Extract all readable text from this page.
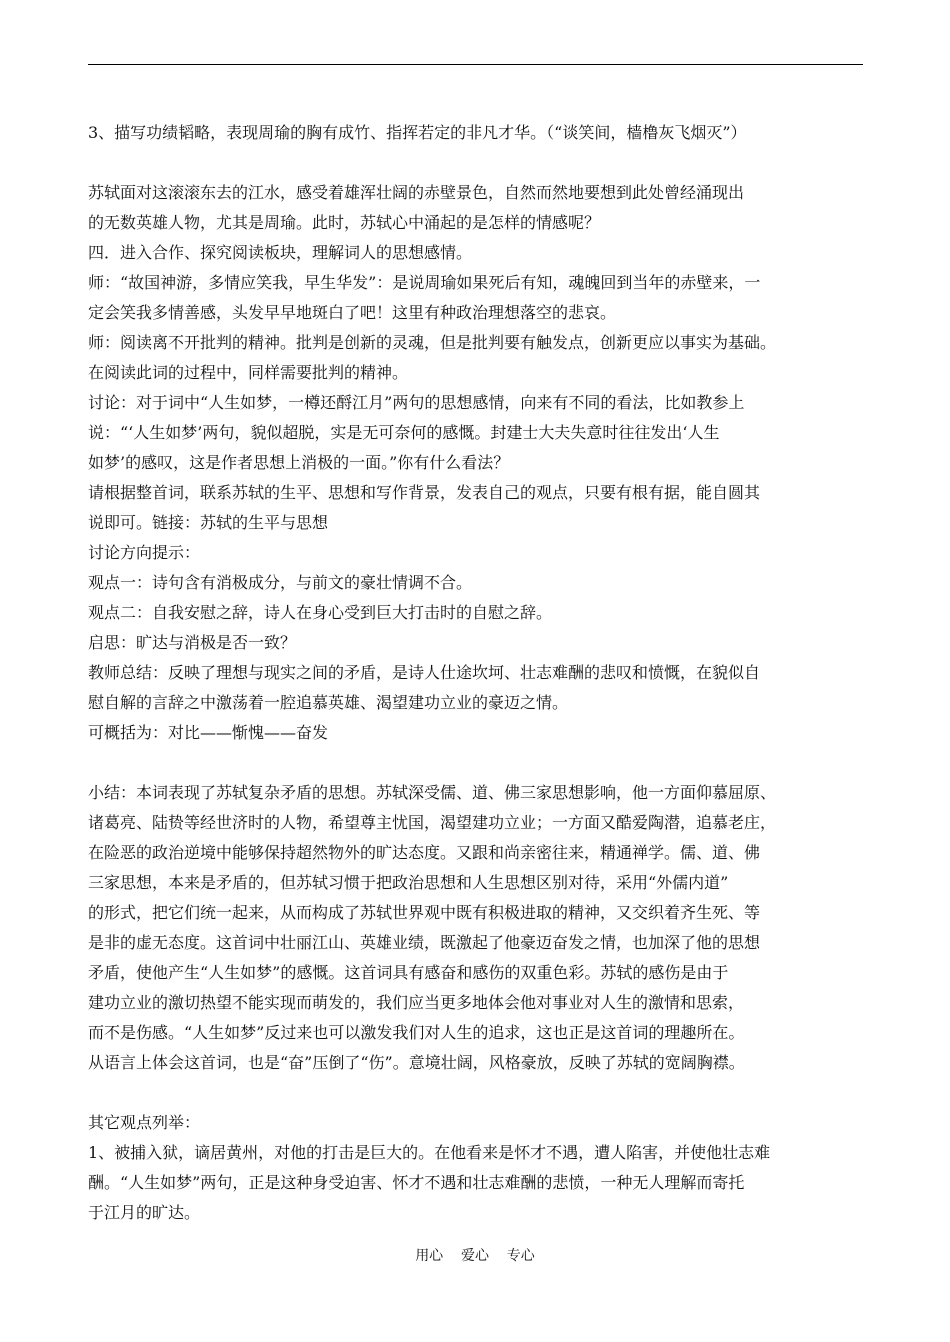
3、描写功绩韬略，表现周瑜的胸有成竹、指挥若定的非凡才华。（“谈笑间，樯橹灰飞烟灭”）

苏轼面对这滚滚东去的江水，感受着雄浑壮阔的赤壁景色，自然而然地要想到此处曾经涌现出

的无数英雄人物，尤其是周瑜。此时，苏轼心中涌起的是怎样的情感呢？

四．进入合作、探究阅读板块，理解词人的思想感情。

师：“故国神游，多情应笑我，早生华发”：是说周瑜如果死后有知，魂魄回到当年的赤壁来，一

定会笑我多情善感，头发早早地斑白了吧！这里有种政治理想落空的悲哀。

师：阅读离不开批判的精神。批判是创新的灵魂，但是批判要有触发点，创新更应以事实为基础。

在阅读此词的过程中，同样需要批判的精神。

讨论：对于词中“人生如梦，一樽还酹江月”两句的思想感情，向来有不同的看法，比如教参上

说：“‘人生如梦’两句，貌似超脱，实是无可奈何的感慨。封建士大夫失意时往往发出‘人生

如梦’的感叹，这是作者思想上消极的一面。”你有什么看法？

请根据整首词，联系苏轼的生平、思想和写作背景，发表自己的观点，只要有根有据，能自圆其

说即可。链接：苏轼的生平与思想

讨论方向提示：

观点一：诗句含有消极成分，与前文的豪壮情调不合。

观点二：自我安慰之辞，诗人在身心受到巨大打击时的自慰之辞。

启思：旷达与消极是否一致？

教师总结：反映了理想与现实之间的矛盾，是诗人仕途坎坷、壮志难酬的悲叹和愤慨，在貌似自

慰自解的言辞之中激荡着一腔追慕英雄、渴望建功立业的豪迈之情。

可概括为：对比——惭愧——奋发

小结：本词表现了苏轼复杂矛盾的思想。苏轼深受儒、道、佛三家思想影响，他一方面仰慕屈原、

诸葛亮、陆贽等经世济时的人物，希望尊主忧国，渴望建功立业；一方面又酷爱陶潜，追慕老庄，

在险恶的政治逆境中能够保持超然物外的旷达态度。又跟和尚亲密往来，精通禅学。儒、道、佛

三家思想，本来是矛盾的，但苏轼习惯于把政治思想和人生思想区别对待，采用“外儒内道”

的形式，把它们统一起来，从而构成了苏轼世界观中既有积极进取的精神，又交织着齐生死、等

是非的虚无态度。这首词中壮丽江山、英雄业绩，既激起了他豪迈奋发之情，也加深了他的思想

矛盾，使他产生“人生如梦”的感慨。这首词具有感奋和感伤的双重色彩。苏轼的感伤是由于

建功立业的激切热望不能实现而萌发的，我们应当更多地体会他对事业对人生的激情和思索，

而不是伤感。“人生如梦”反过来也可以激发我们对人生的追求，这也正是这首词的理趣所在。

从语言上体会这首词，也是“奋”压倒了“伤”。意境壮阔，风格豪放，反映了苏轼的宽阔胸襟。

其它观点列举：

1、被捕入狱，谪居黄州，对他的打击是巨大的。在他看来是怀才不遇，遭人陷害，并使他壮志难

酬。“人生如梦”两句，正是这种身受迫害、怀才不遇和壮志难酬的悲愤，一种无人理解而寄托

于江月的旷达。

用心    爱心    专心
